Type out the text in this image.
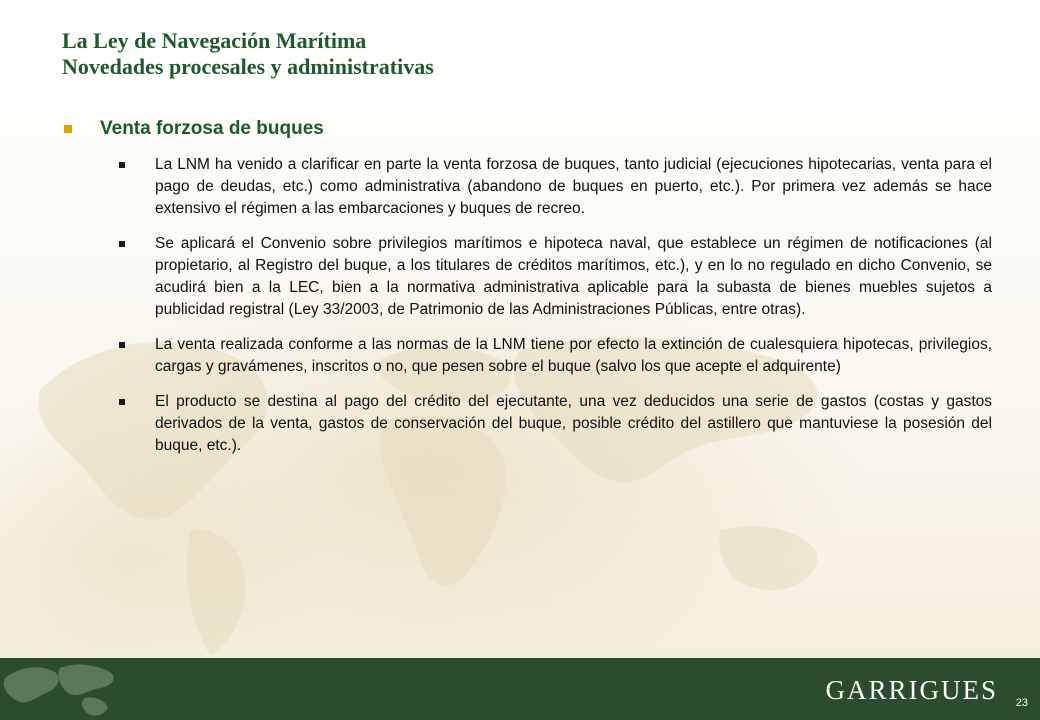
La Ley de Navegación Marítima

Novedades procesales y administrativas

Venta forzosa de buques
La LNM ha venido a clarificar en parte la venta forzosa de buques, tanto judicial (ejecuciones hipotecarias, venta para el pago de deudas, etc.) como administrativa (abandono de buques en puerto, etc.). Por primera vez además se hace extensivo el régimen a las embarcaciones y buques de recreo.
Se aplicará el Convenio sobre privilegios marítimos e hipoteca naval, que establece un régimen de notificaciones (al propietario, al Registro del buque, a los titulares de créditos marítimos, etc.), y en lo no regulado en dicho Convenio, se acudirá bien a la LEC, bien a la normativa administrativa aplicable para la subasta de bienes muebles sujetos a publicidad registral (Ley 33/2003, de Patrimonio de las Administraciones Públicas, entre otras).
La venta realizada conforme a las normas de la LNM tiene por efecto la extinción de cualesquiera hipotecas, privilegios, cargas y gravámenes, inscritos o no, que pesen sobre el buque (salvo los que acepte el adquirente)
El producto se destina al pago del crédito del ejecutante, una vez deducidos una serie de gastos (costas y gastos derivados de la venta, gastos de conservación del buque, posible crédito del astillero que mantuviese la posesión del buque, etc.).
GARRIGUES 23
